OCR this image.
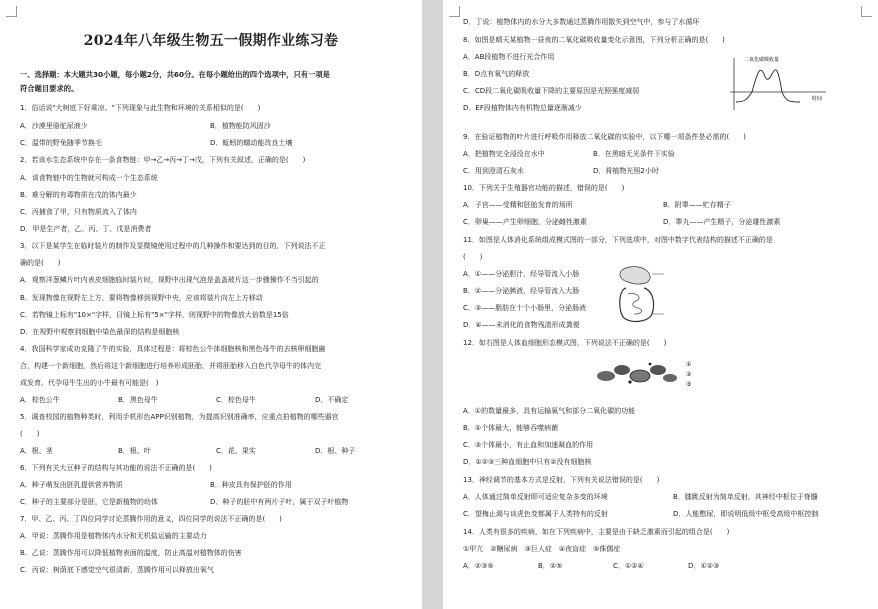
2024年八年级生物五一假期作业练习卷
一、选择题：本大题共30小题，每小题2分，共60分。在每小题给出的四个选项中，只有一项是
符合题目要求的。
1．俗话说"大树底下好乘凉。"下列现象与此生物和环境的关系相似的是(　　)
A．沙漠里骆驼尿液少	B．植物能防风固沙
C．温带的野兔随季节换毛	D．蚯蚓的蠕动能改良土壤
2．若该水生态系统中存在一条食物链：甲→乙→丙→丁→戊，下列有关叙述，正确的是(　　)
A．该食物链中的生物就可构成一个生态系统
B．难分解的有毒物质在戊的体内最少
C．丙捕食了甲，只有物质流入了体内
D．甲是生产者，乙、丙、丁、戊是消费者
3．以下是某学生在临时装片的制作及显微镜使用过程中的几种操作和要达到的目的，下列说法不正
确的是(　　)
A．观察洋葱鳞片叶内表皮细胞临时装片时，视野中出现气泡是盖盖玻片这一步骤操作不当引起的
B．发现物像在视野左上方，要将物像移到视野中央，应该将装片向左上方移动
C．若物镜上标有"10×"字样，目镜上标有"5×"字样，则视野中的物像放大倍数是15倍
D．在视野中观察到细胞中染色最深的结构是细胞核
4．我国科学家成功克隆了牛的实验，具体过程是：将棕色公牛体细胞核和黑色母牛的去核卵细胞融
合，构建一个新细胞，然后将这个新细胞进行培养形成胚胎，并将胚胎移入白色代孕母牛的体内完
成发育。代孕母牛生出的小牛最有可能是(　)
A．棕色公牛	B．黑色母牛	C．棕色母牛	D．不确定
5．调查校园的植物种类时，利用手机形色APP识别植物，为提高识别准确率，应重点拍植物的哪些器官
(　　)
A．根、茎	B．根、叶	C．花、果实	D．根、种子
6．下列有关大豆种子的结构与其功能的说法不正确的是(　　)
A．种子萌发由胚乳提供营养物质	B．种皮具有保护胚的作用
C．种子的主要部分是胚，它是新植物的幼体	D．种子的胚中有两片子叶，属于双子叶植物
7．甲、乙、丙、丁四位同学讨论蒸腾作用的意义，四位同学的说法不正确的是(　　)
A．甲说：蒸腾作用是植物体内水分和无机盐运输的主要动力
B．乙说：蒸腾作用可以降低植物表面的温度，防止高温对植物体的伤害
C．丙说：树荫底下感觉空气很清新，蒸腾作用可以释放出氧气
D．丁说：植物体内的水分大多数通过蒸腾作用散失到空气中，参与了水循环
8．如图是晴天某植物一昼夜的二氧化碳吸收量变化示意图，下列分析正确的是(　　)
A．AB段植物不进行光合作用
B．D点有氧气的释放
C．CD段二氧化碳吸收量下降的主要原因是光照强度减弱
D．EF段植物体内有机物总量逐渐减少
二氧化碳吸收量
时间
9．在验证植物的叶片进行呼吸作用释放二氧化碳的实验中，以下哪一项条件是必需的(　　)
A．把植物完全浸没在水中	B．在黑暗无光条件下实验
C．用到澄清石灰水	D．将植物光照2小时
10．下列关于生殖器官功能的描述，错误的是(　　)
A．子宫——受精和胚胎发育的场所	B．附睾——贮存精子
C．卵巢——产生卵细胞，分泌雌性激素	D．睾丸——产生精子，分泌雄性激素
11．如图是人体消化系统组成模式图的一部分，下列选项中，对图中数字代表结构的描述不正确的是
(　　)
A．①——分泌胆汁，经导管流入小肠
B．②——分泌胰液，经导管流入大肠
C．③——脂肪在十个小肠里，分泌肠液
D．④——未消化的食物残渣形成粪便
12．如右图是人体血细胞形态模式图，下列说法不正确的是(　　)
①
②
③
A．①的数量最多，具有运输氧气和部分二氧化碳的功能
B．②个体最大，能够吞噬病菌
C．③个体最小，有止血和加速凝血的作用
D．①②③三种血细胞中只有②没有细胞核
13．神经调节的基本方式是反射，下列有关说法错误的是(　　)
A．人体通过简单反射即可适应复杂多变的环境	B．膝跳反射为简单反射，其神经中枢位于脊髓
C．望梅止渴与谈虎色变都属于人类特有的反射	D．人能憋尿，即说明低级中枢受高级中枢控制
14．人类有很多的疾病，如在下列疾病中，主要是由于缺乏激素而引起的组合是(　　)
①甲亢　②糖尿病　③巨人症　④夜盲症　⑤侏儒症
A．②③⑤	B．②⑤	C．①②④	D．①②③
